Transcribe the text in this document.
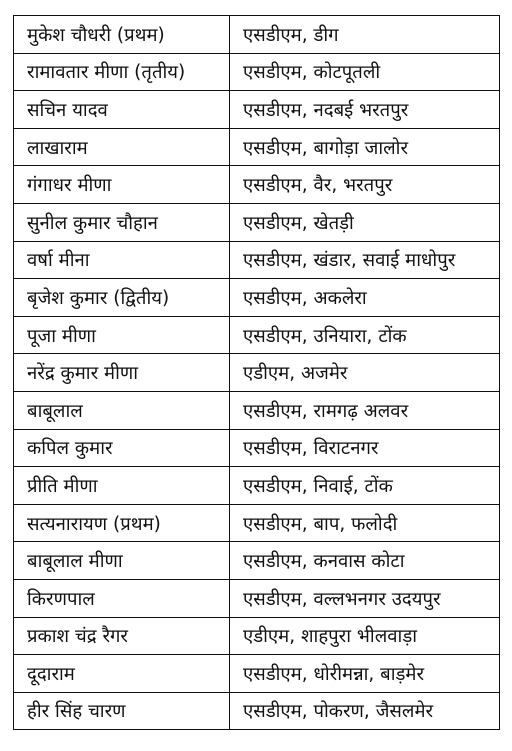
मुकेश चौधरी (प्रथम)	एसडीएम, डीग
रामावतार मीणा (तृतीय)	एसडीएम, कोटपूतली
सचिन यादव	एसडीएम, नदबई भरतपुर
लाखाराम	एसडीएम, बागोड़ा जालोर
गंगाधर मीणा	एसडीएम, वैर, भरतपुर
सुनील कुमार चौहान	एसडीएम, खेतड़ी
वर्षा मीना	एसडीएम, खंडार, सवाई माधोपुर
बृजेश कुमार (द्वितीय)	एसडीएम, अकलेरा
पूजा मीणा	एसडीएम, उनियारा, टोंक
नरेंद्र कुमार मीणा	एडीएम, अजमेर
बाबूलाल	एसडीएम, रामगढ़ अलवर
कपिल कुमार	एसडीएम, विराटनगर
प्रीति मीणा	एसडीएम, निवाई, टोंक
सत्यनारायण (प्रथम)	एसडीएम, बाप, फलोदी
बाबूलाल मीणा	एसडीएम, कनवास कोटा
किरणपाल	एसडीएम, वल्लभनगर उदयपुर
प्रकाश चंद्र रैगर	एडीएम, शाहपुरा भीलवाड़ा
दूदाराम	एसडीएम, धोरीमन्ना, बाड़मेर
हीर सिंह चारण	एसडीएम, पोकरण, जैसलमेर
